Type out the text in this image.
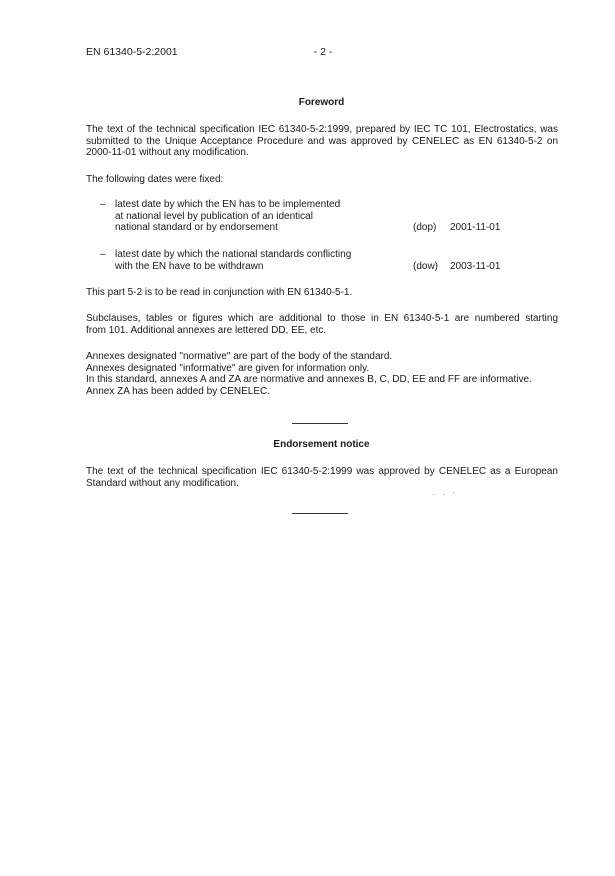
EN 61340-5-2:2001	- 2 -
Foreword
The text of the technical specification IEC 61340-5-2:1999, prepared by IEC TC 101, Electrostatics, was
submitted to the Unique Acceptance Procedure and was approved by CENELEC as EN 61340-5-2 on
2000-11-01 without any modification.
The following dates were fixed:
– latest date by which the EN has to be implemented
at national level by publication of an identical
national standard or by endorsement	(dop) 2001-11-01
– latest date by which the national standards conflicting
with the EN have to be withdrawn	(dow) 2003-11-01
This part 5-2 is to be read in conjunction with EN 61340-5-1.
Subclauses, tables or figures which are additional to those in EN 61340-5-1 are numbered starting
from 101. Additional annexes are lettered DD, EE, etc.
Annexes designated "normative" are part of the body of the standard.
Annexes designated "informative" are given for information only.
In this standard, annexes A and ZA are normative and annexes B, C, DD, EE and FF are informative.
Annex ZA has been added by CENELEC.
Endorsement notice
The text of the technical specification IEC 61340-5-2:1999 was approved by CENELEC as a European
Standard without any modification.
